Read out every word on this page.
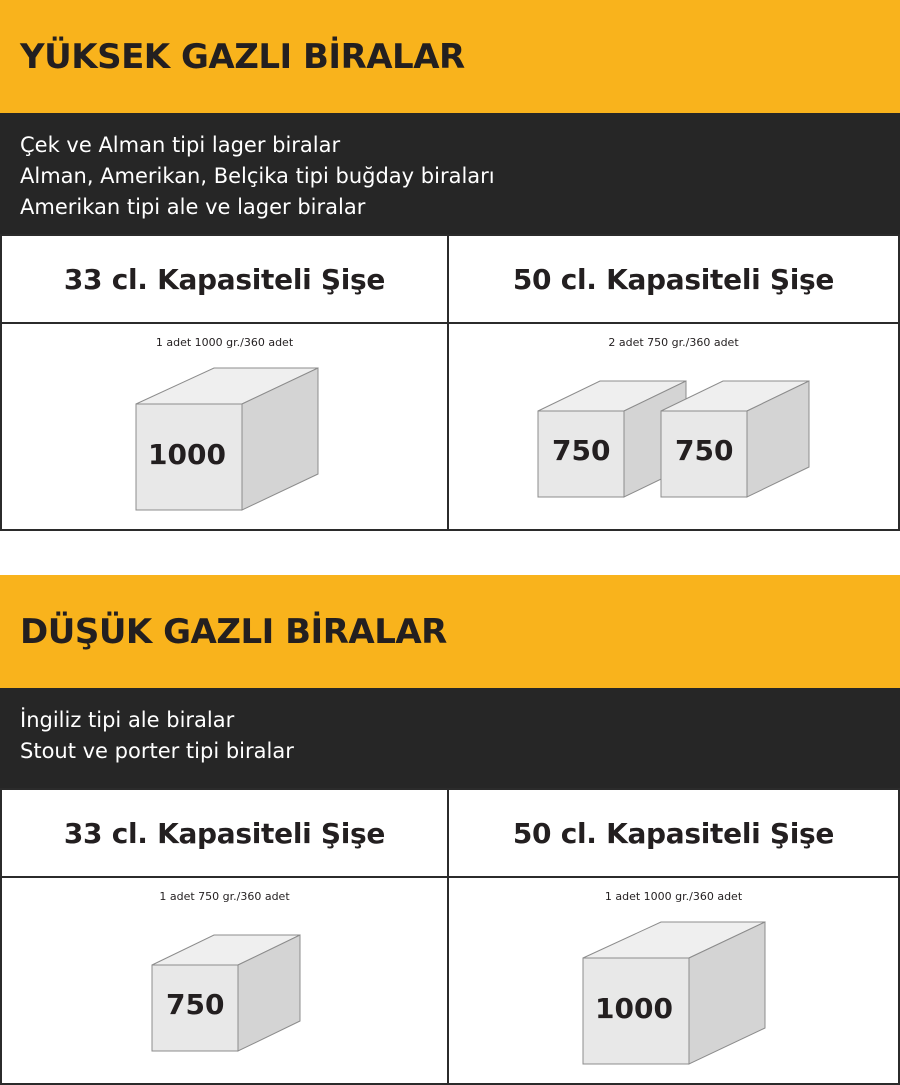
YÜKSEK GAZLI BİRALAR
Çek ve Alman tipi lager biralar
Alman, Amerikan, Belçika tipi buğday biraları
Amerikan tipi ale ve lager biralar
33 cl. Kapasiteli Şişe	50 cl. Kapasiteli Şişe
1 adet 1000 gr./360 adet
1000
2 adet 750 gr./360 adet
750 750
DÜŞÜK GAZLI BİRALAR
İngiliz tipi ale biralar
Stout ve porter tipi biralar
33 cl. Kapasiteli Şişe	50 cl. Kapasiteli Şişe
1 adet 750 gr./360 adet
750
1 adet 1000 gr./360 adet
1000
